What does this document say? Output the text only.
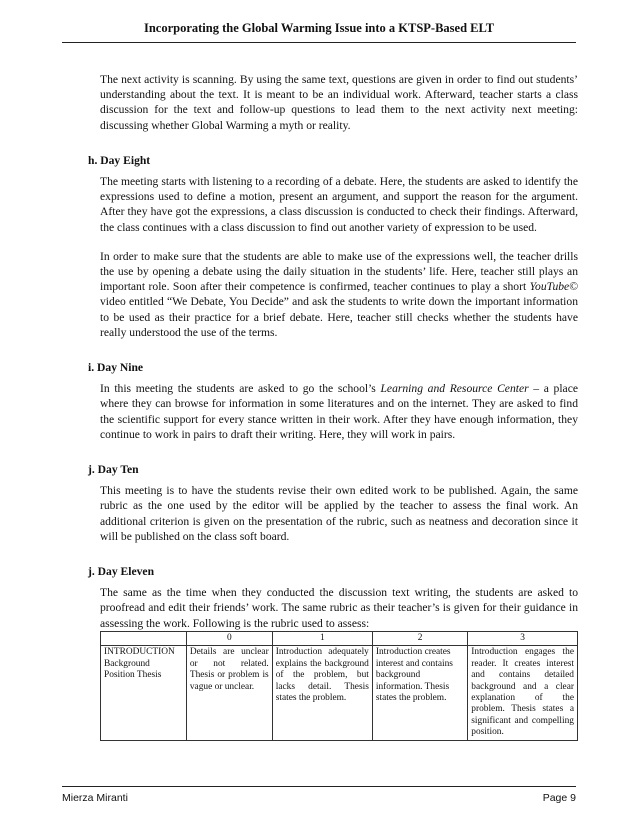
Incorporating the Global Warming Issue into a KTSP-Based ELT

The next activity is scanning. By using the same text, questions are given in order to find out students’ understanding about the text. It is meant to be an individual work. Afterward, teacher starts a class discussion for the text and follow-up questions to lead them to the next activity next meeting: discussing whether Global Warming a myth or reality.

h. Day Eight

The meeting starts with listening to a recording of a debate. Here, the students are asked to identify the expressions used to define a motion, present an argument, and support the reason for the argument. After they have got the expressions, a class discussion is conducted to check their findings. Afterward, the class continues with a class discussion to find out another variety of expression to be used.

In order to make sure that the students are able to make use of the expressions well, the teacher drills the use by opening a debate using the daily situation in the students’ life. Here, teacher still plays an important role. Soon after their competence is confirmed, teacher continues to play a short YouTube© video entitled “We Debate, You Decide” and ask the students to write down the important information to be used as their practice for a brief debate. Here, teacher still checks whether the students have really understood the use of the terms.

i. Day Nine

In this meeting the students are asked to go the school’s Learning and Resource Center – a place where they can browse for information in some literatures and on the internet. They are asked to find the scientific support for every stance written in their work. After they have enough information, they continue to work in pairs to draft their writing. Here, they will work in pairs.

j. Day Ten

This meeting is to have the students revise their own edited work to be published. Again, the same rubric as the one used by the editor will be applied by the teacher to assess the final work. An additional criterion is given on the presentation of the rubric, such as neatness and decoration since it will be published on the class soft board.

j. Day Eleven

The same as the time when they conducted the discussion text writing, the students are asked to proofread and edit their friends’ work. The same rubric as their teacher’s is given for their guidance in assessing the work. Following is the rubric used to assess:

	0	1	2	3
INTRODUCTION Background Position Thesis	Details are unclear or not related. Thesis or problem is vague or unclear.	Introduction adequately explains the background of the problem, but lacks detail. Thesis states the problem.	Introduction creates interest and contains background information. Thesis states the problem.	Introduction engages the reader. It creates interest and contains detailed background and a clear explanation of the problem. Thesis states a significant and compelling position.
Mierza Miranti	Page 9
